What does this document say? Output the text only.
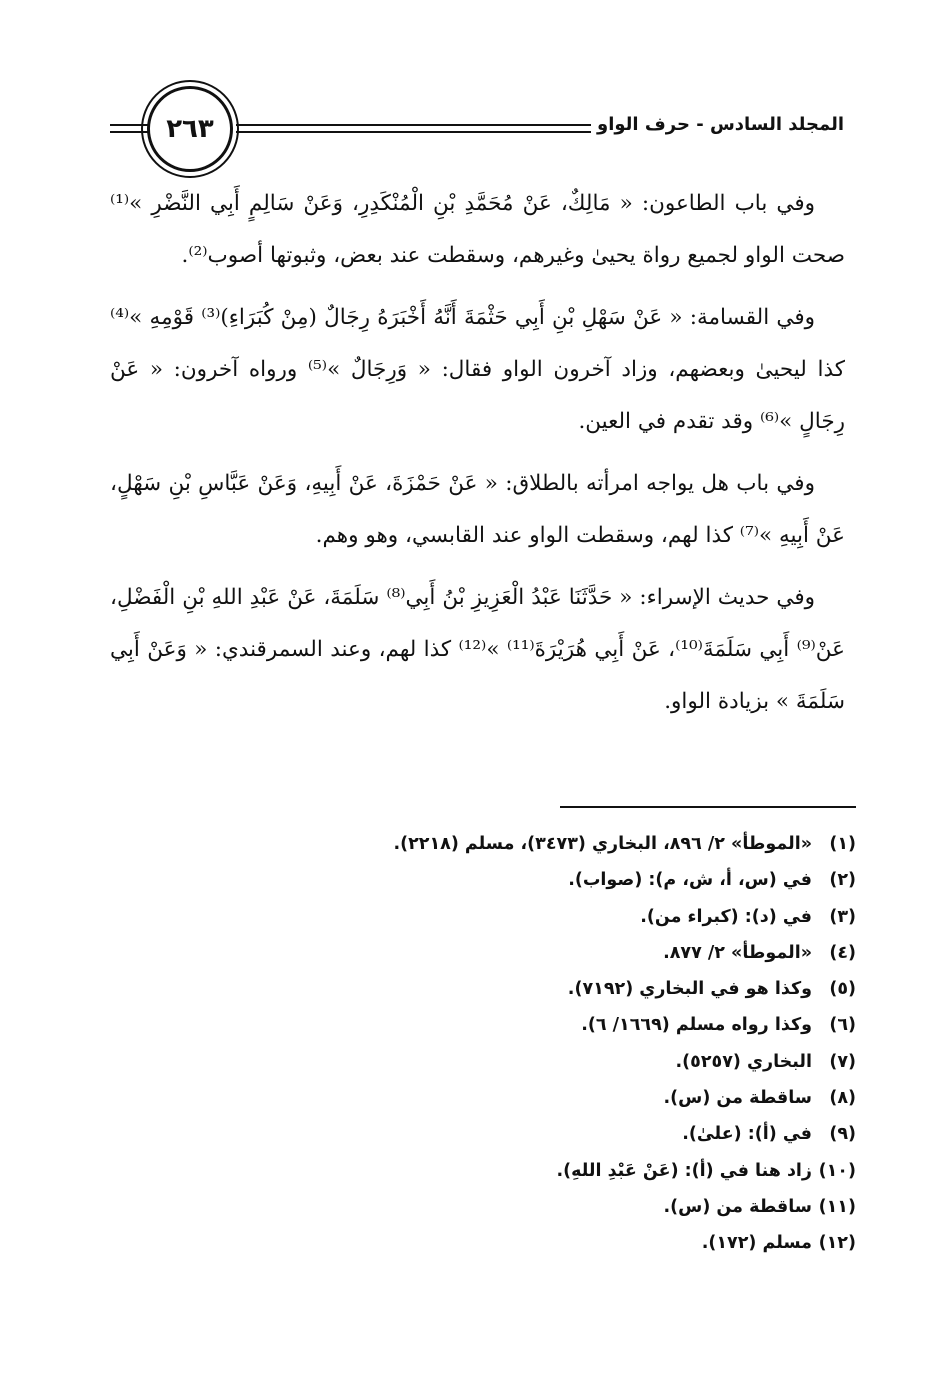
٢٦٣	المجلد السادس - حرف الواو

وفي باب الطاعون: « مَالِكٌ، عَنْ مُحَمَّدِ بْنِ الْمُنْكَدِرِ، وَعَنْ سَالِمٍ أَبِي النَّضْرِ »⁽¹⁾ صحت الواو لجميع رواة يحيىٰ وغيرهم، وسقطت عند بعض، وثبوتها أصوب⁽²⁾.

وفي القسامة: « عَنْ سَهْلِ بْنِ أَبِي حَثْمَةَ أَنَّهُ أَخْبَرَهُ رِجَالٌ (مِنْ كُبَرَاءِ)⁽³⁾ قَوْمِهِ »⁽⁴⁾ كذا ليحيىٰ وبعضهم، وزاد آخرون الواو فقال: « وَرِجَالٌ »⁽⁵⁾ ورواه آخرون: « عَنْ رِجَالٍ »⁽⁶⁾ وقد تقدم في العين.

وفي باب هل يواجه امرأته بالطلاق: « عَنْ حَمْزَةَ، عَنْ أَبِيهِ، وَعَنْ عَبَّاسِ بْنِ سَهْلٍ، عَنْ أَبِيهِ »⁽⁷⁾ كذا لهم، وسقطت الواو عند القابسي، وهو وهم.

وفي حديث الإسراء: « حَدَّثَنَا عَبْدُ الْعَزِيزِ بْنُ أَبِي⁽⁸⁾ سَلَمَةَ، عَنْ عَبْدِ اللهِ بْنِ الْفَضْلِ، عَنْ⁽⁹⁾ أَبِي سَلَمَةَ⁽¹⁰⁾، عَنْ أَبِي هُرَيْرَةَ⁽¹¹⁾ »⁽¹²⁾ كذا لهم، وعند السمرقندي: « وَعَنْ أَبِي سَلَمَةَ » بزيادة الواو.

(١)«الموطأ» ٢/ ٨٩٦، البخاري (٣٤٧٣)، مسلم (٢٢١٨).
(٢)في (س، أ، ش، م): (صواب).
(٣)في (د): (كبراء من).
(٤)«الموطأ» ٢/ ٨٧٧.
(٥)وكذا هو في البخاري (٧١٩٢).
(٦)وكذا رواه مسلم (١٦٦٩/ ٦).
(٧)البخاري (٥٢٥٧).
(٨)ساقطة من (س).
(٩)في (أ): (علىٰ).
(١٠)زاد هنا في (أ): (عَنْ عَبْدِ اللهِ).
(١١)ساقطة من (س).
(١٢)مسلم (١٧٢).
